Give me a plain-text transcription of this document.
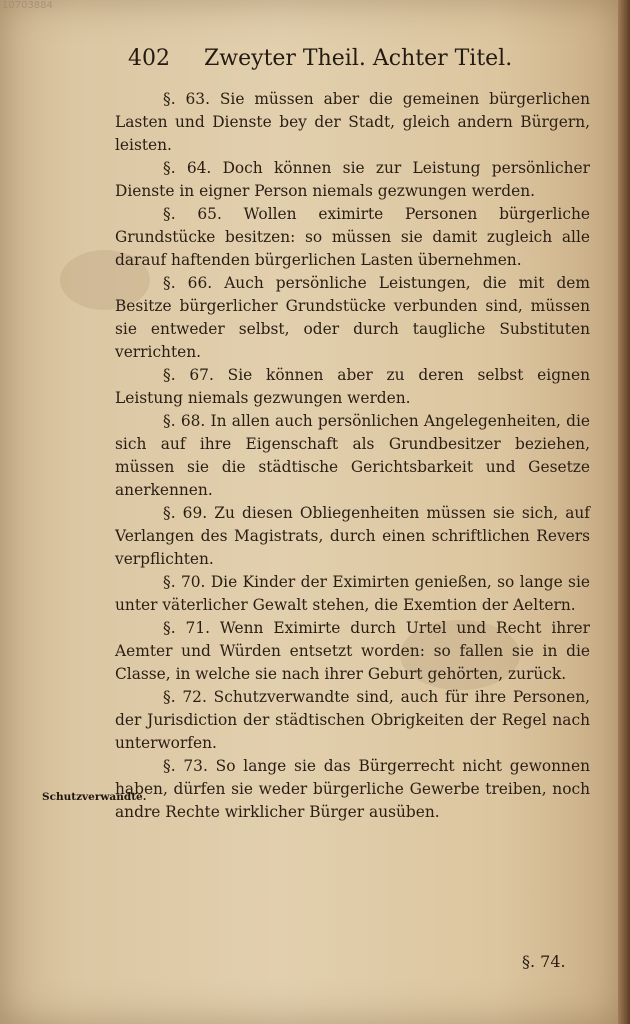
10703884
402 Zweyter Theil. Achter Titel.

§. 63. Sie müssen aber die gemeinen bürgerlichen Lasten und Dienste bey der Stadt, gleich andern Bürgern, leisten.

§. 64. Doch können sie zur Leistung persönlicher Dienste in eigner Person niemals gezwungen werden.

§. 65. Wollen eximirte Personen bürgerliche Grundstücke besitzen: so müssen sie damit zugleich alle darauf haftenden bürgerlichen Lasten übernehmen.

§. 66. Auch persönliche Leistungen, die mit dem Besitze bürgerlicher Grundstücke verbunden sind, müssen sie entweder selbst, oder durch taugliche Substituten verrichten.

§. 67. Sie können aber zu deren selbst eignen Leistung niemals gezwungen werden.

§. 68. In allen auch persönlichen Angelegenheiten, die sich auf ihre Eigenschaft als Grundbesitzer beziehen, müssen sie die städtische Gerichtsbarkeit und Gesetze anerkennen.

§. 69. Zu diesen Obliegenheiten müssen sie sich, auf Verlangen des Magistrats, durch einen schriftlichen Revers verpflichten.

§. 70. Die Kinder der Eximirten genießen, so lange sie unter väterlicher Gewalt stehen, die Exemtion der Aeltern.

§. 71. Wenn Eximirte durch Urtel und Recht ihrer Aemter und Würden entsetzt worden: so fallen sie in die Classe, in welche sie nach ihrer Geburt gehörten, zurück.

§. 72. Schutzverwandte sind, auch für ihre Personen, der Jurisdiction der städtischen Obrigkeiten der Regel nach unterworfen.

§. 73. So lange sie das Bürgerrecht nicht gewonnen haben, dürfen sie weder bürgerliche Gewerbe treiben, noch andre Rechte wirklicher Bürger ausüben.

Schutzverwandte.
§. 74.
